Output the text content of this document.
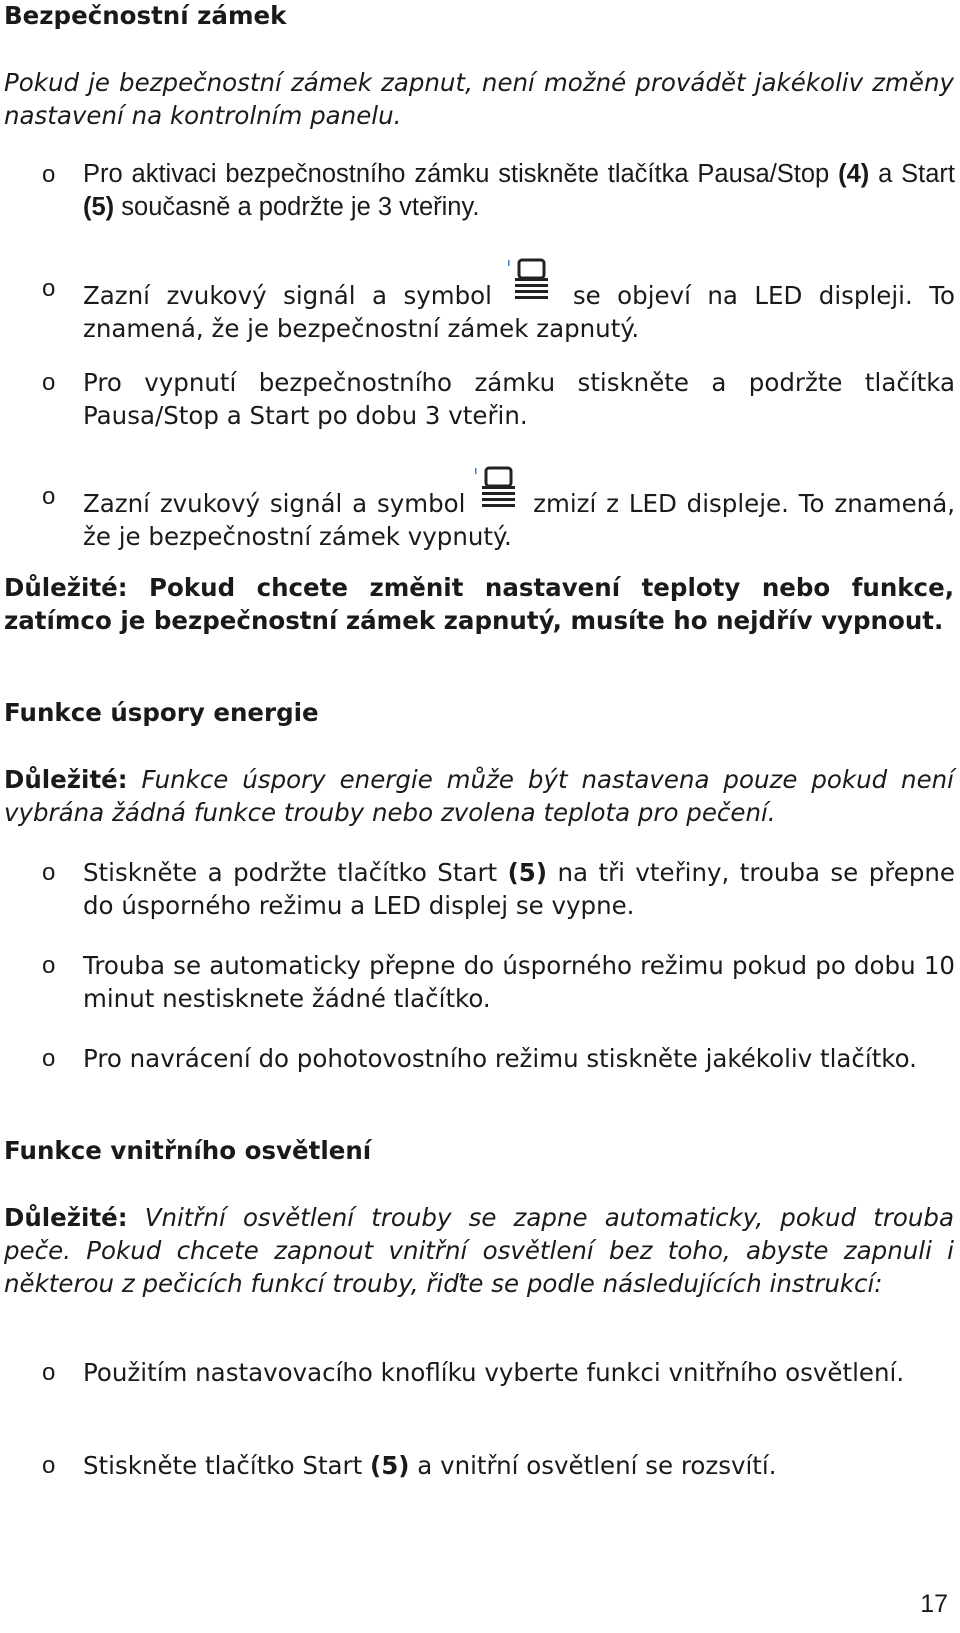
Bezpečnostní zámek

Pokud je bezpečnostní zámek zapnut, není možné provádět jakékoliv změny nastavení na kontrolním panelu.

o Pro aktivaci bezpečnostního zámku stiskněte tlačítka Pausa/Stop (4) a Start (5) současně a podržte je 3 vteřiny.

o Zazní zvukový signál a symbol
se objeví na LED displeji. To znamená, že je bezpečnostní zámek zapnutý.

o Pro vypnutí bezpečnostního zámku stiskněte a podržte tlačítka Pausa/Stop a Start po dobu 3 vteřin.

o Zazní zvukový signál a symbol
zmizí z LED displeje. To znamená, že je bezpečnostní zámek vypnutý.

Důležité: Pokud chcete změnit nastavení teploty nebo funkce, zatímco je bezpečnostní zámek zapnutý, musíte ho nejdřív vypnout.

Funkce úspory energie

Důležité: Funkce úspory energie může být nastavena pouze pokud není vybrána žádná funkce trouby nebo zvolena teplota pro pečení.

o Stiskněte a podržte tlačítko Start (5) na tři vteřiny, trouba se přepne do úsporného režimu a LED displej se vypne.

o Trouba se automaticky přepne do úsporného režimu pokud po dobu 10 minut nestisknete žádné tlačítko.

o Pro navrácení do pohotovostního režimu stiskněte jakékoliv tlačítko.

Funkce vnitřního osvětlení

Důležité: Vnitřní osvětlení trouby se zapne automaticky, pokud trouba peče. Pokud chcete zapnout vnitřní osvětlení bez toho, abyste zapnuli i některou z pečicích funkcí trouby, řiďte se podle následujících instrukcí:

o Použitím nastavovacího knoflíku vyberte funkci vnitřního osvětlení.

o Stiskněte tlačítko Start (5) a vnitřní osvětlení se rozsvítí.

17
